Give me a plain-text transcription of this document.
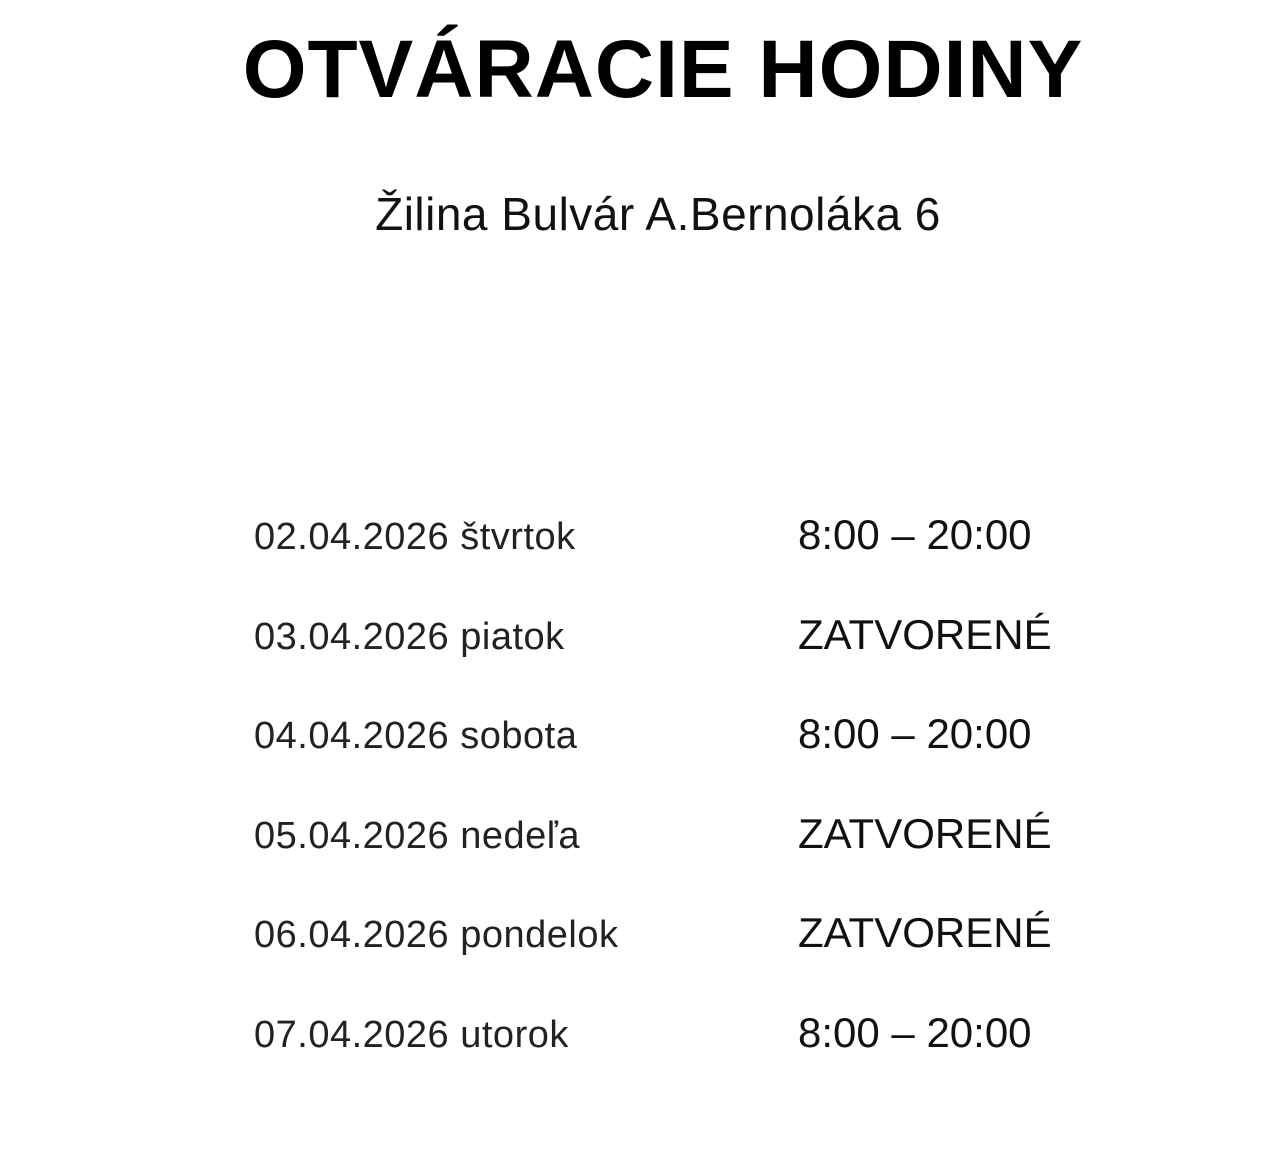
OTVÁRACIE HODINY

Žilina Bulvár A.Bernoláka 6

02.04.2026 štvrtok	8:00 – 20:00
03.04.2026 piatok	ZATVORENÉ
04.04.2026 sobota	8:00 – 20:00
05.04.2026 nedeľa	ZATVORENÉ
06.04.2026 pondelok	ZATVORENÉ
07.04.2026 utorok	8:00 – 20:00
